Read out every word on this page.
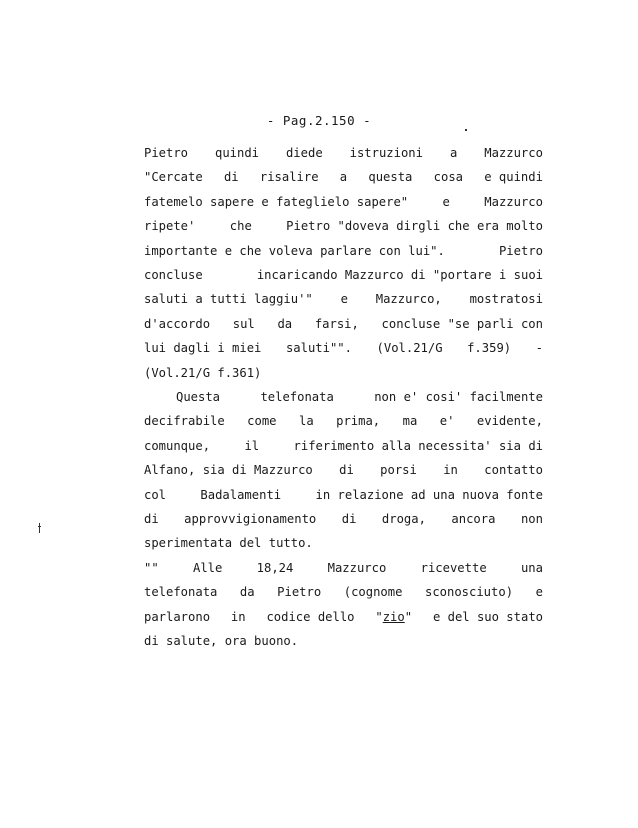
- Pag.2.150 -
Pietro quindi diede istruzioni a Mazzurco
"Cercate di risalire a questa cosa e quindi
fatemelo sapere e fateglielo sapere"	e	Mazzurco
ripete'	che	Pietro "doveva dirgli che era molto
importante e che voleva parlare con lui".	Pietro
concluse	incaricando Mazzurco di "portare i suoi
saluti a tutti laggiu'" e Mazzurco, mostratosi
d'accordo sul da farsi, concluse "se parli con
lui dagli i miei saluti"". (Vol.21/G f.359) -
(Vol.21/G f.361)
Questa	telefonata	non e' cosi' facilmente
decifrabile come la prima, ma e' evidente,
comunque,	il	riferimento alla necessita' sia di
Alfano, sia di Mazzurco di porsi in contatto
col	Badalamenti	in relazione ad una nuova fonte
di approvvigionamento di droga, ancora non
sperimentata del tutto.
""	Alle	18,24	Mazzurco	ricevette	una
telefonata da Pietro (cognome sconosciuto) e
parlarono in codice dello "zio" e del suo stato
di salute, ora buono.
